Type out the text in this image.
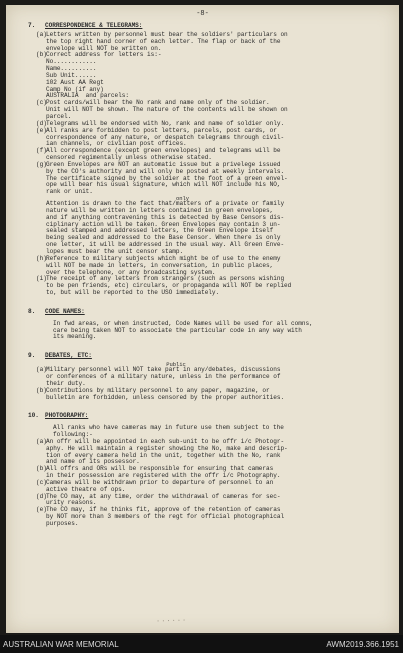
-8-
7. CORRESPONDENCE & TELEGRAMS:
(a) Letters written by personnel must bear the soldiers' particulars on
the top right hand corner of each letter. The flap or back of the
envelope will NOT be written on.
(b) Correct address for letters is:-
No............
Name..........
Sub Unit......
102 Aust AA Regt
Camp No (if any)
AUSTRALIA  and parcels:
(c) Post cards/will bear the No rank and name only of the soldier.
Unit will NOT be shown. The nature of the contents will be shown on
parcel.
(d) Telegrams will be endorsed with No, rank and name of soldier only.
(e) All ranks are forbidden to post letters, parcels, post cards, or
correspondence of any nature, or despatch telegrams through civil-
ian channels, or civilian post offices.
(f) All correspondence (except green envelopes) and telegrams will be
censored regimentally unless otherwise stated.
(g) Green Envelopes are NOT an automatic issue but a privelege issued
by the CO's authority and will only be posted at weekly intervals.
The certificate signed by the soldier at the foot of a green envel-
ope will bear his usual signature, which will NOT include his NO,
rank or unit.
only
Attention is drawn to the fact that/matters of a private or family
nature will be written in letters contained in green envelopes,
and if anything contravening this is detected by Base Censors dis-
ciplinary action will be taken. Green Envelopes may contain 3 un-
sealed stamped and addressed letters, the Green Envelope itself
being sealed and addressed to the Base Censor. When there is only
one letter, it will be addressed in the usual way. All Green Enve-
lopes must bear the unit censor stamp.
(h) Reference to military subjects which might be of use to the enemy
will NOT be made in letters, in conversation, in public places,
over the telephone, or any broadcasting system.
(i) The receipt of any letters from strangers (such as persons wishing
to be pen friends, etc) circulars, or propaganda will NOT be replied
to, but will be reported to the USO immediately.
8. CODE NAMES:
In fwd areas, or when instructed, Code Names will be used for all comns,
care being taken NOT to associate the particular code in any way with
its meaning.
9. DEBATES, ETC:
Public
(a) Military personnel will NOT take part in any/debates, discussions
or conferences of a military nature, unless in the performance of
their duty.
(b) Contributions by military personnel to any paper, magazine, or
bulletin are forbidden, unless censored by the proper authorities.
10. PHOTOGRAPHY:
All ranks who have cameras may in future use them subject to the
following:-
(a) An offr will be appointed in each sub-unit to be offr i/c Photogr-
aphy. He will maintain a register showing the No, make and descrip-
tion of every camera held in the unit, together with the No, rank
and name of its possessor.
(b) All offrs and ORs will be responsible for ensuring that cameras
in their possession are registered with the offr i/c Photography.
(c) Cameras will be withdrawn prior to departure of personnel to an
active theatre of ops.
(d) The CO may, at any time, order the withdrawal of cameras for sec-
urity reasons.
(e) The CO may, if he thinks fit, approve of the retention of cameras
by NOT more than 3 members of the regt for official photographical
purposes.
......
AUSTRALIAN WAR MEMORIAL	AWM2019.366.1951
